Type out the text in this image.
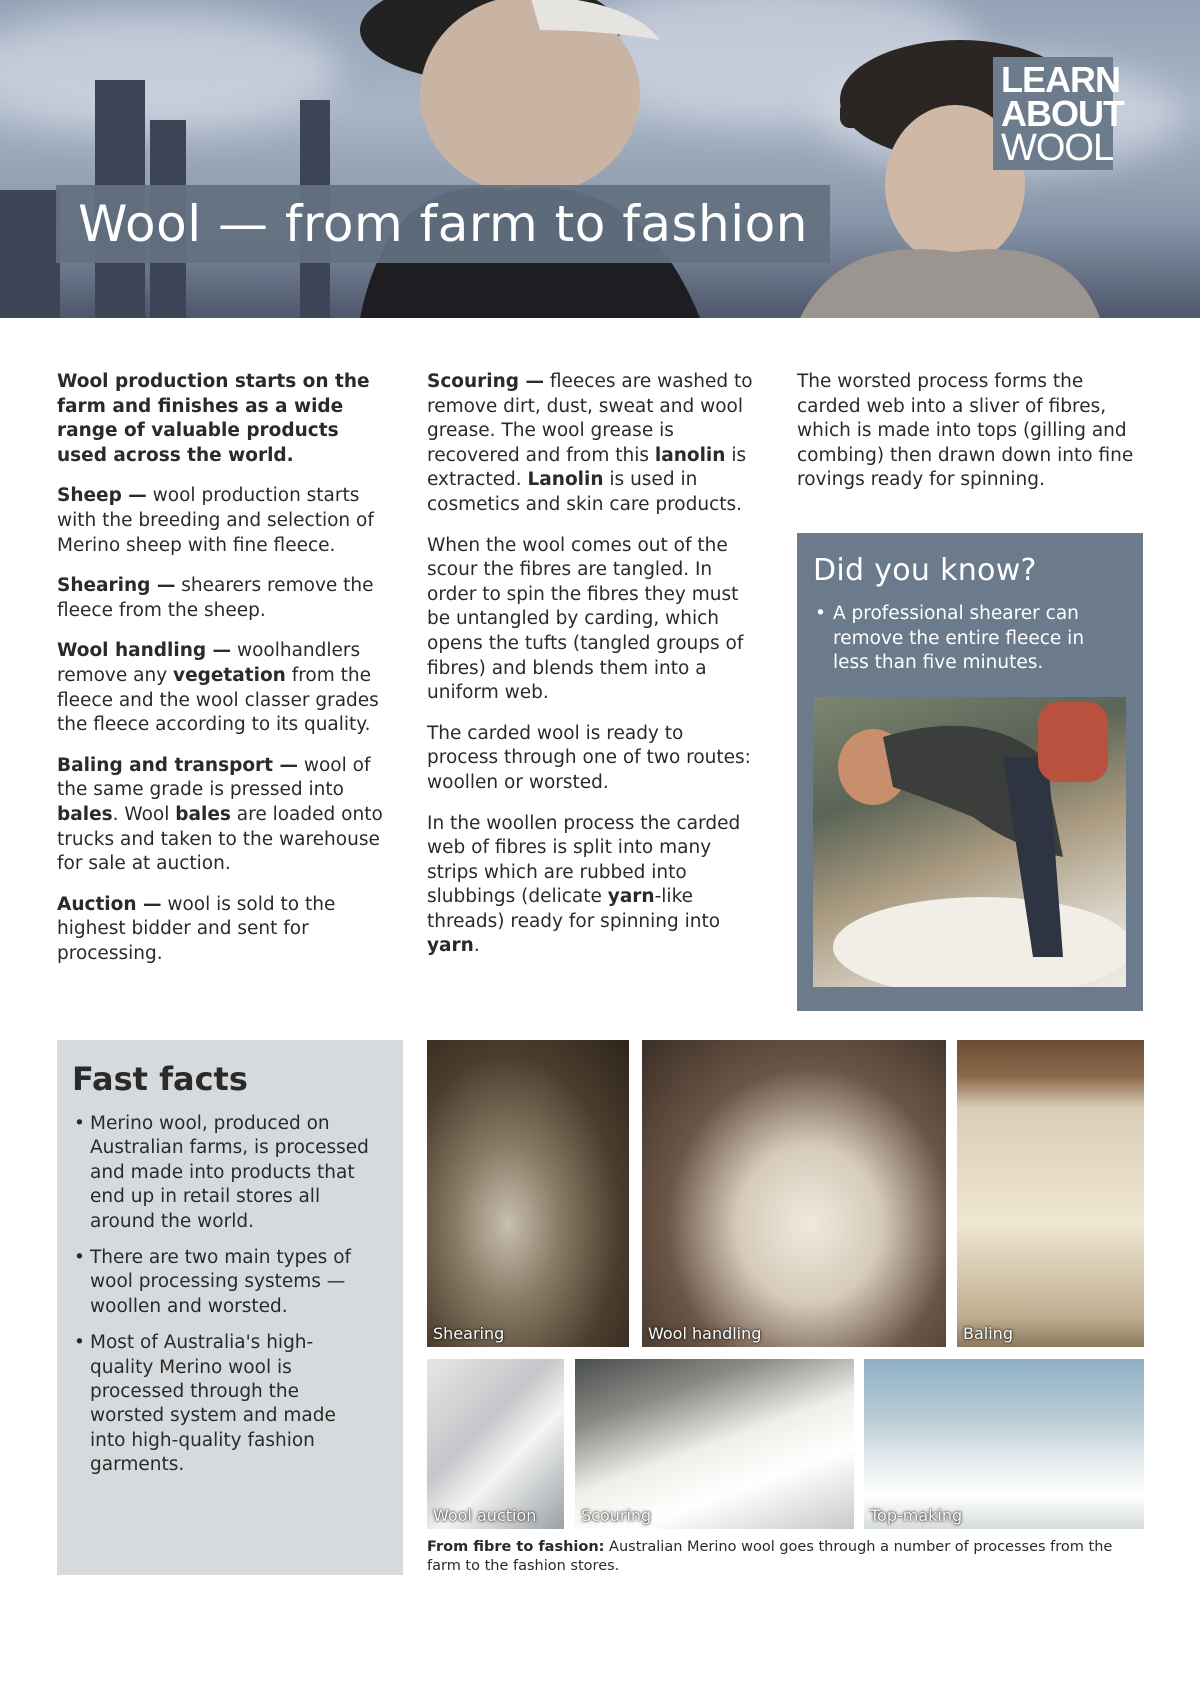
Wool — from farm to fashion
LEARN
ABOUT
WOOL

Wool production starts on the farm and finishes as a wide range of valuable products used across the world.

Sheep — wool production starts with the breeding and selection of Merino sheep with fine fleece.

Shearing — shearers remove the fleece from the sheep.

Wool handling — woolhandlers remove any vegetation from the fleece and the wool classer grades the fleece according to its quality.

Baling and transport — wool of the same grade is pressed into bales. Wool bales are loaded onto trucks and taken to the warehouse for sale at auction.

Auction — wool is sold to the highest bidder and sent for processing.

Scouring — fleeces are washed to remove dirt, dust, sweat and wool grease. The wool grease is recovered and from this lanolin is extracted. Lanolin is used in cosmetics and skin care products.

When the wool comes out of the scour the fibres are tangled. In order to spin the fibres they must be untangled by carding, which opens the tufts (tangled groups of fibres) and blends them into a uniform web.

The carded wool is ready to process through one of two routes: woollen or worsted.

In the woollen process the carded web of fibres is split into many strips which are rubbed into slubbings (delicate yarn-like threads) ready for spinning into yarn.

The worsted process forms the carded web into a sliver of fibres, which is made into tops (gilling and combing) then drawn down into fine rovings ready for spinning.

Did you know?
• A professional shearer can remove the entire fleece in less than five minutes.
Fast facts
• Merino wool, produced on Australian farms, is processed and made into products that end up in retail stores all around the world.
• There are two main types of wool processing systems — woollen and worsted.
• Most of Australia's high-quality Merino wool is processed through the worsted system and made into high-quality fashion garments.
Shearing	Wool handling	Baling
Wool auction	Scouring	Top-making
From fibre to fashion: Australian Merino wool goes through a number of processes from the farm to the fashion stores.
